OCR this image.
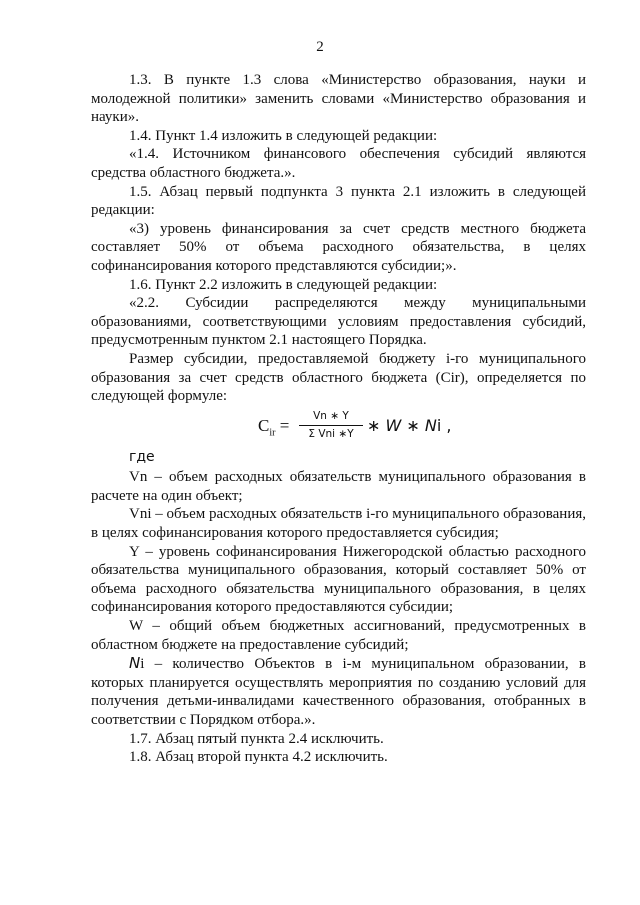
2

1.3. В пункте 1.3 слова «Министерство образования, науки и молодежной политики» заменить словами «Министерство образования и науки».

1.4. Пункт 1.4 изложить в следующей редакции:

«1.4. Источником финансового обеспечения субсидий являются средства областного бюджета.».

1.5. Абзац первый подпункта 3 пункта 2.1 изложить в следующей редакции:

«3) уровень финансирования за счет средств местного бюджета составляет 50% от объема расходного обязательства, в целях софинансирования которого представляются субсидии;».

1.6. Пункт 2.2 изложить в следующей редакции:

«2.2. Субсидии распределяются между муниципальными образованиями, соответствующими условиям предоставления субсидий, предусмотренным пунктом 2.1 настоящего Порядка.

Размер субсидии, предоставляемой бюджету i-го муниципального образования за счет средств областного бюджета (Cir), определяется по следующей формуле:

$C_{ir}$ =	Vn ∗ Y
Σ Vni ∗Y ∗ W ∗ Ni ,
где

Vn – объем расходных обязательств муниципального образования в расчете на один объект;

Vni – объем расходных обязательств i-го муниципального образования, в целях софинансирования которого предоставляется субсидия;

Y – уровень софинансирования Нижегородской областью расходного обязательства муниципального образования, который составляет 50% от объема расходного обязательства муниципального образования, в целях софинансирования которого предоставляются субсидии;

W – общий объем бюджетных ассигнований, предусмотренных в областном бюджете на предоставление субсидий;

Ni – количество Объектов в i-м муниципальном образовании, в которых планируется осуществлять мероприятия по созданию условий для получения детьми-инвалидами качественного образования, отобранных в соответствии с Порядком отбора.».

1.7. Абзац пятый пункта 2.4 исключить.

1.8. Абзац второй пункта 4.2 исключить.
